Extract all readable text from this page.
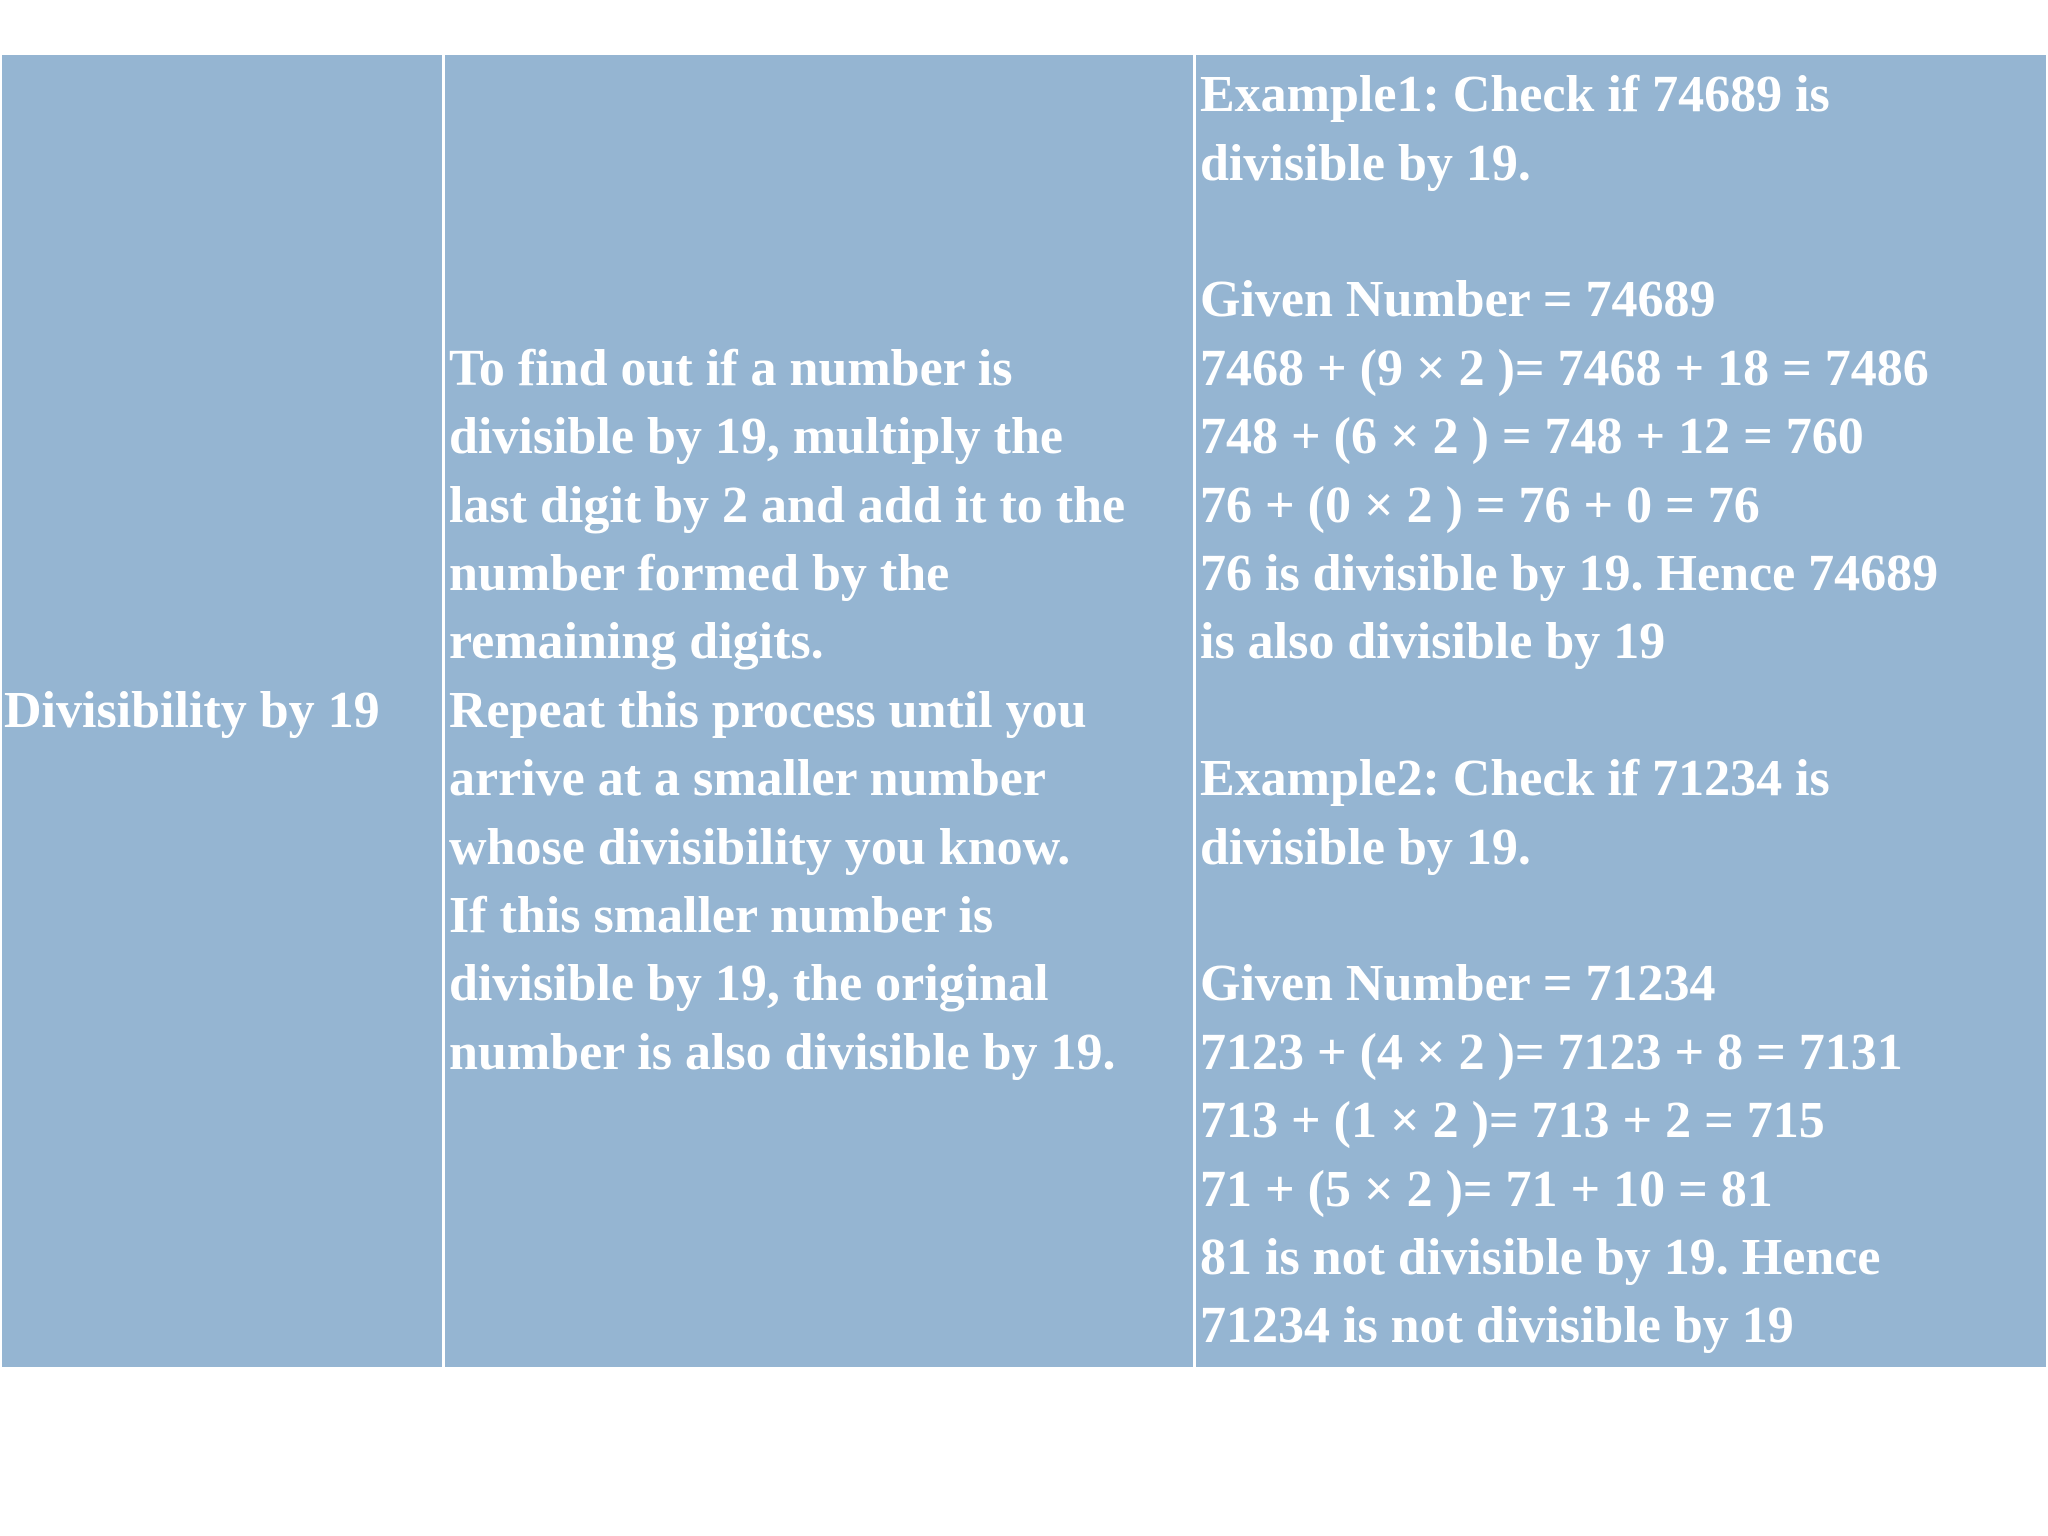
Divisibility by 19
To find out if a number is
divisible by 19, multiply the
last digit by 2 and add it to the
number formed by the
remaining digits.
Repeat this process until you
arrive at a smaller number
whose divisibility you know.
If this smaller number is
divisible by 19, the original
number is also divisible by 19.
Example1: Check if 74689 is
divisible by 19.
Given Number = 74689
7468 + (9 × 2 )= 7468 + 18 = 7486
748 + (6 × 2 ) = 748 + 12 = 760
76 + (0 × 2 ) = 76 + 0 = 76
76 is divisible by 19. Hence 74689
is also divisible by 19
Example2: Check if 71234 is
divisible by 19.
Given Number = 71234
7123 + (4 × 2 )= 7123 + 8 = 7131
713 + (1 × 2 )= 713 + 2 = 715
71 + (5 × 2 )= 71 + 10 = 81
81 is not divisible by 19. Hence
71234 is not divisible by 19
